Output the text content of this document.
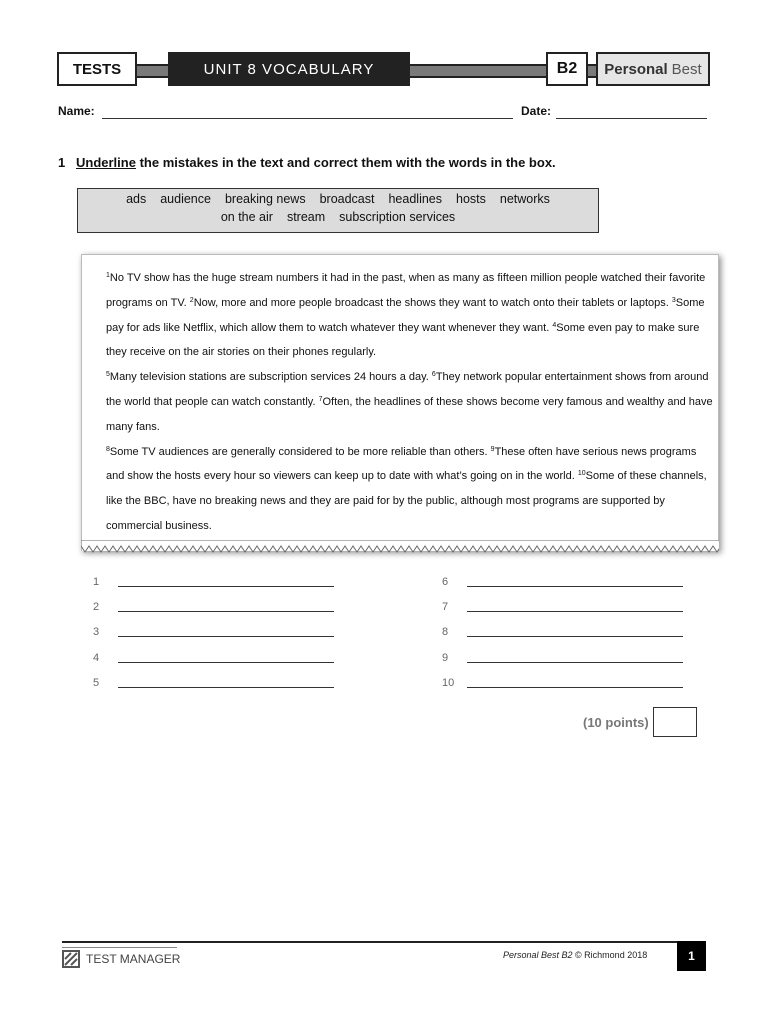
TESTS	UNIT 8 VOCABULARY	B2	Personal Best
Name:	Date:
1 Underline the mistakes in the text and correct them with the words in the box.
ads audience breaking news broadcast headlines hosts networks
on the air stream subscription services

$^1$No TV show has the huge stream numbers it had in the past, when as many as fifteen million people watched their favorite programs on TV. $^2$Now, more and more people broadcast the shows they want to watch onto their tablets or laptops. $^3$Some pay for ads like Netflix, which allow them to watch whatever they want whenever they want. $^4$Some even pay to make sure they receive on the air stories on their phones regularly.

$^5$Many television stations are subscription services 24 hours a day. $^6$They network popular entertainment shows from around the world that people can watch constantly. $^7$Often, the headlines of these shows become very famous and wealthy and have many fans.

$^8$Some TV audiences are generally considered to be more reliable than others. $^9$These often have serious news programs and show the hosts every hour so viewers can keep up to date with what’s going on in the world. $^{10}$Some of these channels, like the BBC, have no breaking news and they are paid for by the public, although most programs are supported by commercial business.

1
2
3
4
5
6
7
8
9
10
(10 points)
TEST MANAGER	Personal Best B2 © Richmond 2018	1
